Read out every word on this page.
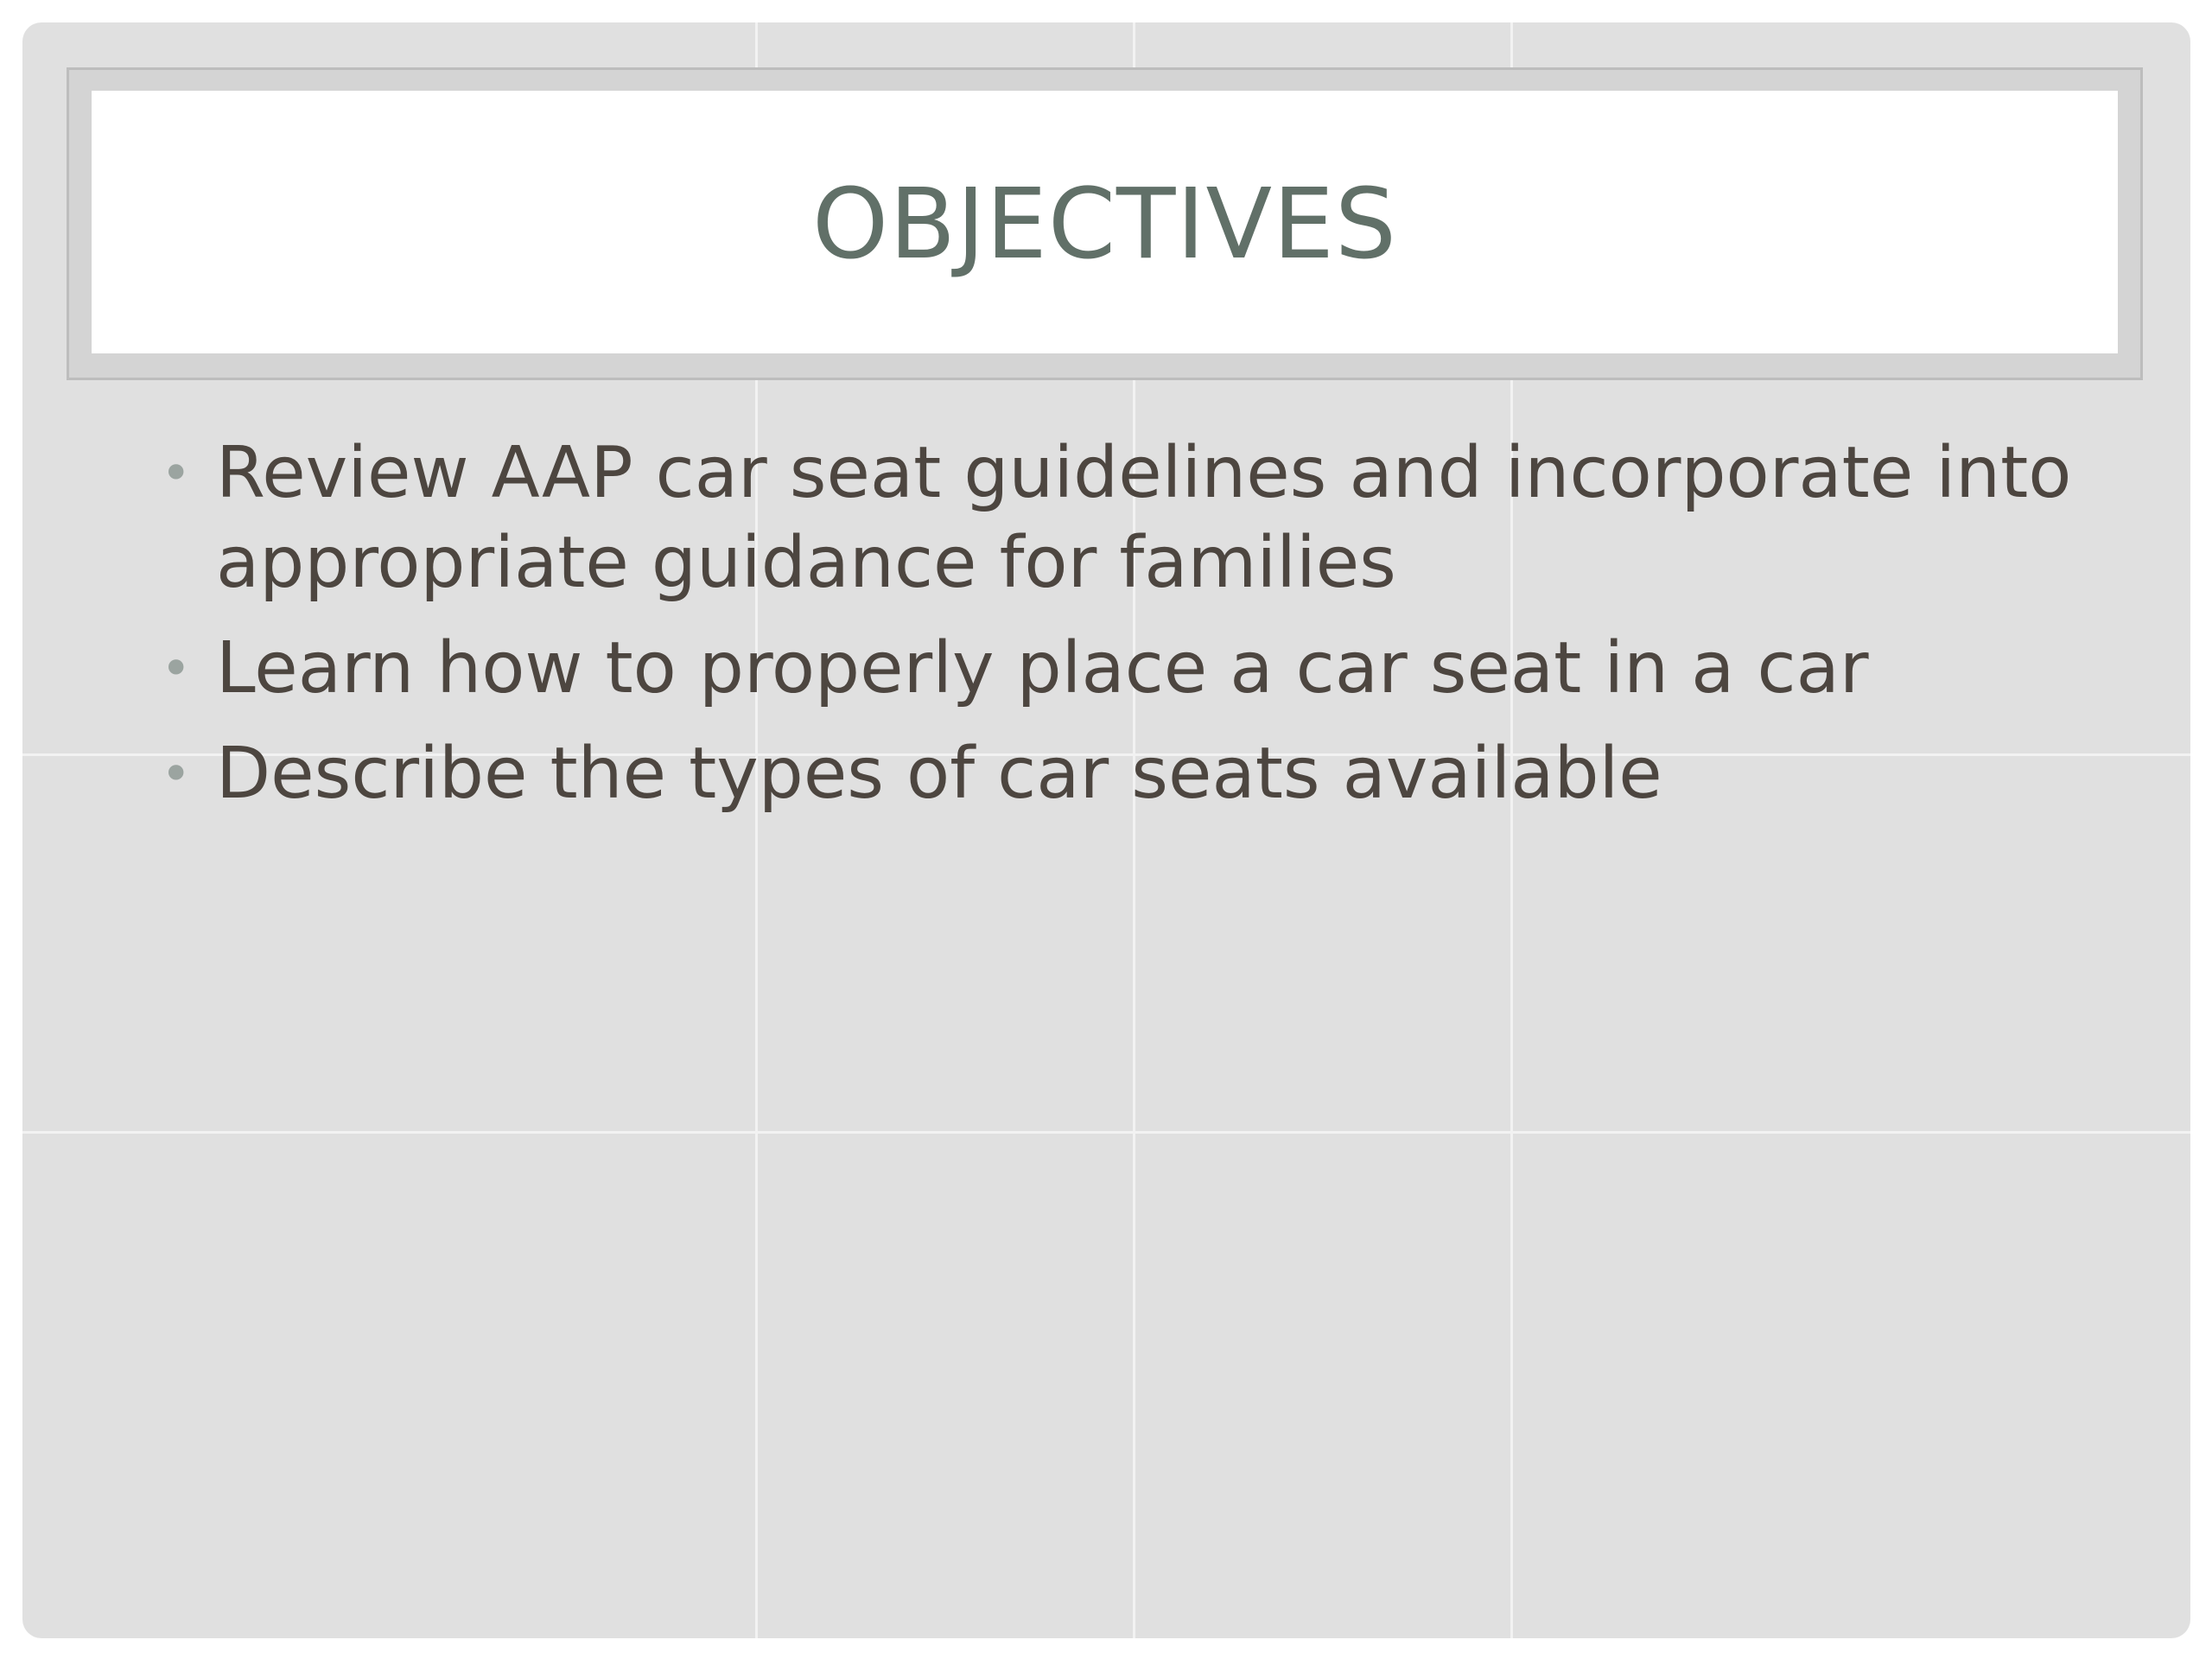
OBJECTIVES
• Review AAP car seat guidelines and incorporate into appropriate guidance for families
• Learn how to properly place a car seat in a car
• Describe the types of car seats available
